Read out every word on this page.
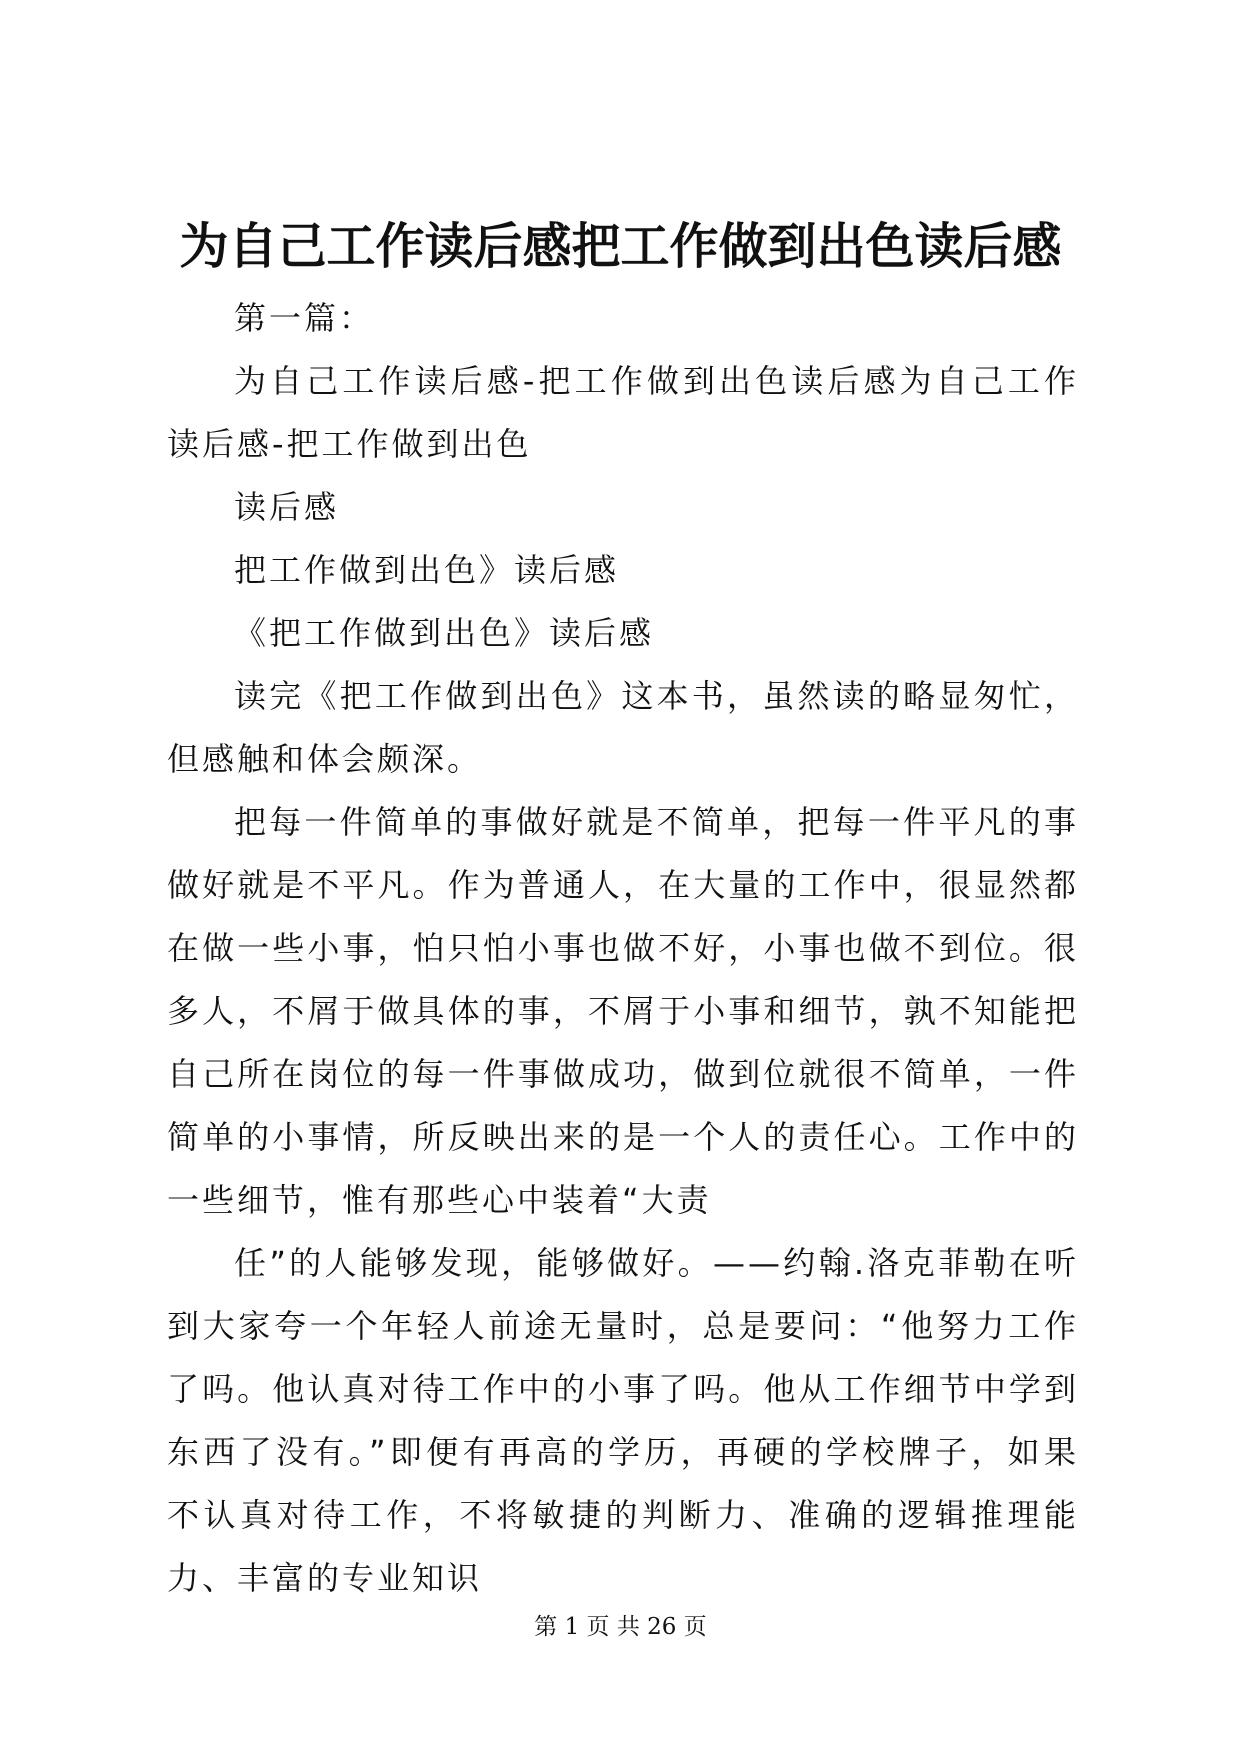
为自己工作读后感把工作做到出色读后感

第一篇：

为自己工作读后感-把工作做到出色读后感为自己工作读后感-把工作做到出色

读后感

把工作做到出色》读后感

《把工作做到出色》读后感

读完《把工作做到出色》这本书，虽然读的略显匆忙，但感触和体会颇深。

把每一件简单的事做好就是不简单，把每一件平凡的事做好就是不平凡。作为普通人，在大量的工作中，很显然都在做一些小事，怕只怕小事也做不好，小事也做不到位。很多人，不屑于做具体的事，不屑于小事和细节，孰不知能把自己所在岗位的每一件事做成功，做到位就很不简单，一件简单的小事情，所反映出来的是一个人的责任心。工作中的一些细节，惟有那些心中装着“大责

任”的人能够发现，能够做好。——约翰.洛克菲勒在听到大家夸一个年轻人前途无量时，总是要问：“他努力工作了吗。他认真对待工作中的小事了吗。他从工作细节中学到东西了没有。”即便有再高的学历，再硬的学校牌子，如果不认真对待工作，不将敏捷的判断力、准确的逻辑推理能力、丰富的专业知识

第 1 页 共 26 页
